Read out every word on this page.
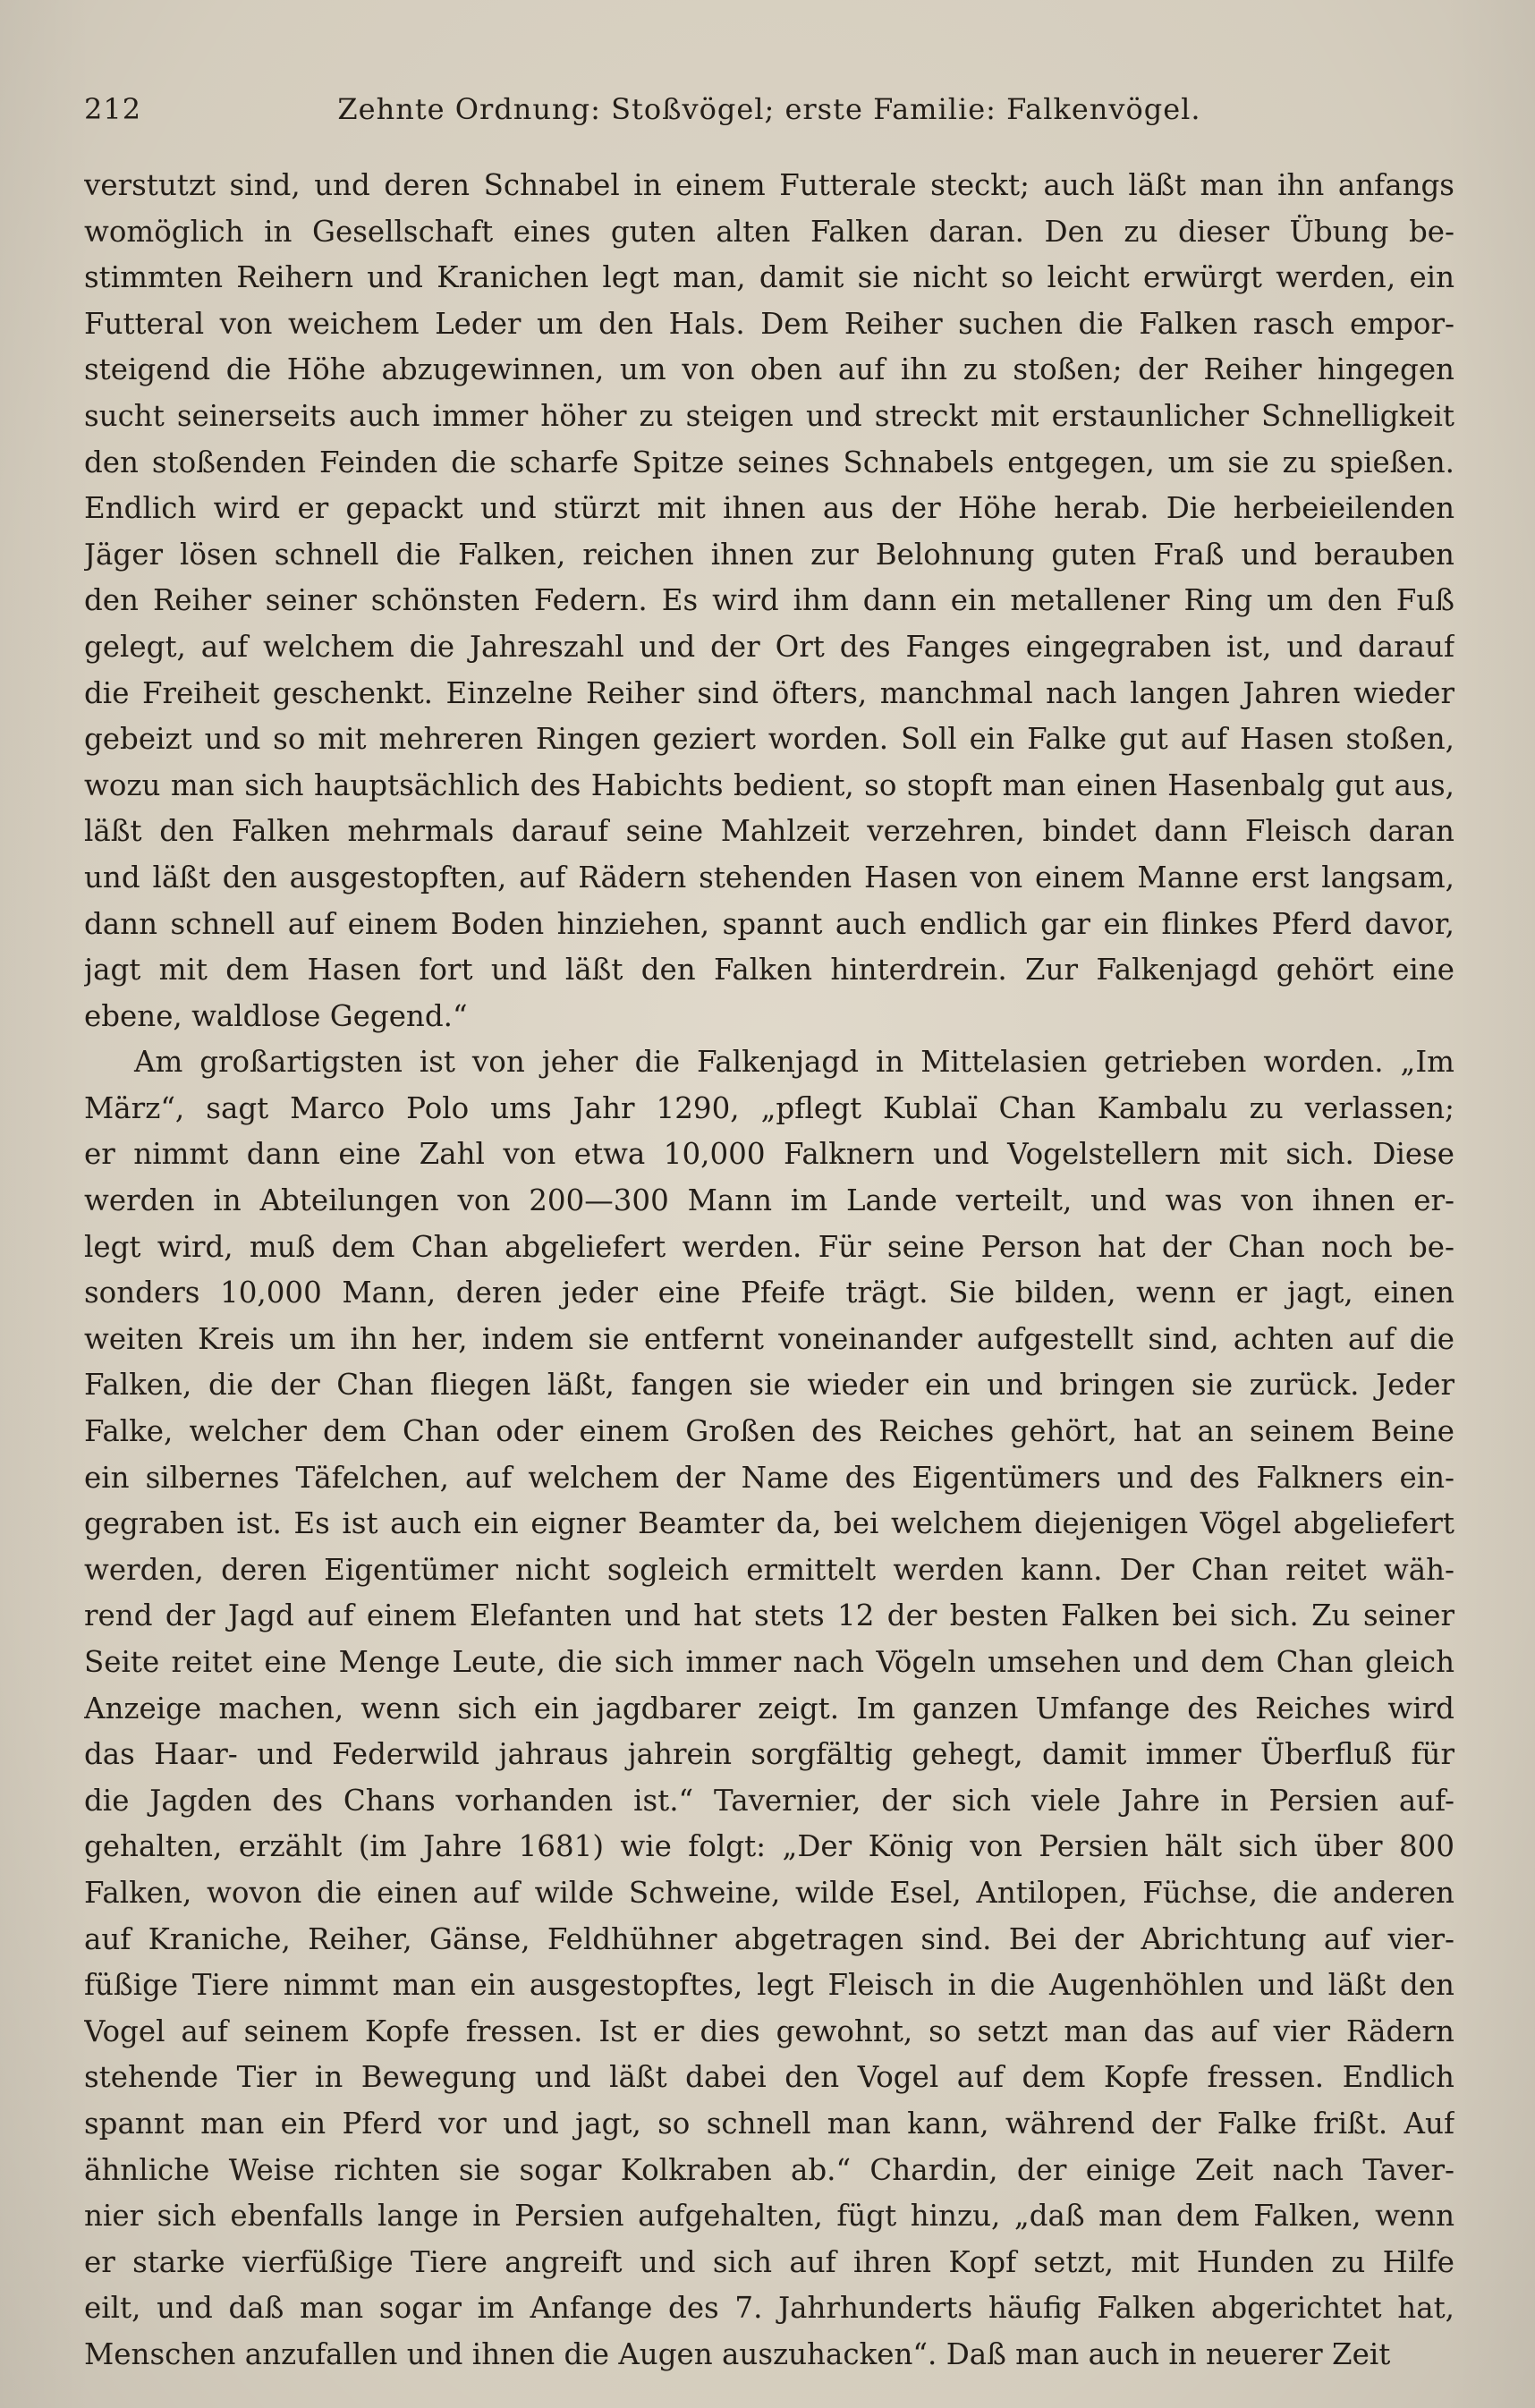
212	Zehnte Ordnung: Stoßvögel; erste Familie: Falkenvögel.
verstutzt sind, und deren Schnabel in einem Futterale steckt; auch läßt man ihn anfangs
womöglich in Gesellschaft eines guten alten Falken daran. Den zu dieser Übung be-
stimmten Reihern und Kranichen legt man, damit sie nicht so leicht erwürgt werden, ein
Futteral von weichem Leder um den Hals. Dem Reiher suchen die Falken rasch empor-
steigend die Höhe abzugewinnen, um von oben auf ihn zu stoßen; der Reiher hingegen
sucht seinerseits auch immer höher zu steigen und streckt mit erstaunlicher Schnelligkeit
den stoßenden Feinden die scharfe Spitze seines Schnabels entgegen, um sie zu spießen.
Endlich wird er gepackt und stürzt mit ihnen aus der Höhe herab. Die herbeieilenden
Jäger lösen schnell die Falken, reichen ihnen zur Belohnung guten Fraß und berauben
den Reiher seiner schönsten Federn. Es wird ihm dann ein metallener Ring um den Fuß
gelegt, auf welchem die Jahreszahl und der Ort des Fanges eingegraben ist, und darauf
die Freiheit geschenkt. Einzelne Reiher sind öfters, manchmal nach langen Jahren wieder
gebeizt und so mit mehreren Ringen geziert worden. Soll ein Falke gut auf Hasen stoßen,
wozu man sich hauptsächlich des Habichts bedient, so stopft man einen Hasenbalg gut aus,
läßt den Falken mehrmals darauf seine Mahlzeit verzehren, bindet dann Fleisch daran
und läßt den ausgestopften, auf Rädern stehenden Hasen von einem Manne erst langsam,
dann schnell auf einem Boden hinziehen, spannt auch endlich gar ein flinkes Pferd davor,
jagt mit dem Hasen fort und läßt den Falken hinterdrein. Zur Falkenjagd gehört eine
ebene, waldlose Gegend.“
Am großartigsten ist von jeher die Falkenjagd in Mittelasien getrieben worden. „Im
März“, sagt Marco Polo ums Jahr 1290, „pflegt Kublaï Chan Kambalu zu verlassen;
er nimmt dann eine Zahl von etwa 10,000 Falknern und Vogelstellern mit sich. Diese
werden in Abteilungen von 200—300 Mann im Lande verteilt, und was von ihnen er-
legt wird, muß dem Chan abgeliefert werden. Für seine Person hat der Chan noch be-
sonders 10,000 Mann, deren jeder eine Pfeife trägt. Sie bilden, wenn er jagt, einen
weiten Kreis um ihn her, indem sie entfernt voneinander aufgestellt sind, achten auf die
Falken, die der Chan fliegen läßt, fangen sie wieder ein und bringen sie zurück. Jeder
Falke, welcher dem Chan oder einem Großen des Reiches gehört, hat an seinem Beine
ein silbernes Täfelchen, auf welchem der Name des Eigentümers und des Falkners ein-
gegraben ist. Es ist auch ein eigner Beamter da, bei welchem diejenigen Vögel abgeliefert
werden, deren Eigentümer nicht sogleich ermittelt werden kann. Der Chan reitet wäh-
rend der Jagd auf einem Elefanten und hat stets 12 der besten Falken bei sich. Zu seiner
Seite reitet eine Menge Leute, die sich immer nach Vögeln umsehen und dem Chan gleich
Anzeige machen, wenn sich ein jagdbarer zeigt. Im ganzen Umfange des Reiches wird
das Haar- und Federwild jahraus jahrein sorgfältig gehegt, damit immer Überfluß für
die Jagden des Chans vorhanden ist.“ Tavernier, der sich viele Jahre in Persien auf-
gehalten, erzählt (im Jahre 1681) wie folgt: „Der König von Persien hält sich über 800
Falken, wovon die einen auf wilde Schweine, wilde Esel, Antilopen, Füchse, die anderen
auf Kraniche, Reiher, Gänse, Feldhühner abgetragen sind. Bei der Abrichtung auf vier-
füßige Tiere nimmt man ein ausgestopftes, legt Fleisch in die Augenhöhlen und läßt den
Vogel auf seinem Kopfe fressen. Ist er dies gewohnt, so setzt man das auf vier Rädern
stehende Tier in Bewegung und läßt dabei den Vogel auf dem Kopfe fressen. Endlich
spannt man ein Pferd vor und jagt, so schnell man kann, während der Falke frißt. Auf
ähnliche Weise richten sie sogar Kolkraben ab.“ Chardin, der einige Zeit nach Taver-
nier sich ebenfalls lange in Persien aufgehalten, fügt hinzu, „daß man dem Falken, wenn
er starke vierfüßige Tiere angreift und sich auf ihren Kopf setzt, mit Hunden zu Hilfe
eilt, und daß man sogar im Anfange des 7. Jahrhunderts häufig Falken abgerichtet hat,
Menschen anzufallen und ihnen die Augen auszuhacken“. Daß man auch in neuerer Zeit
